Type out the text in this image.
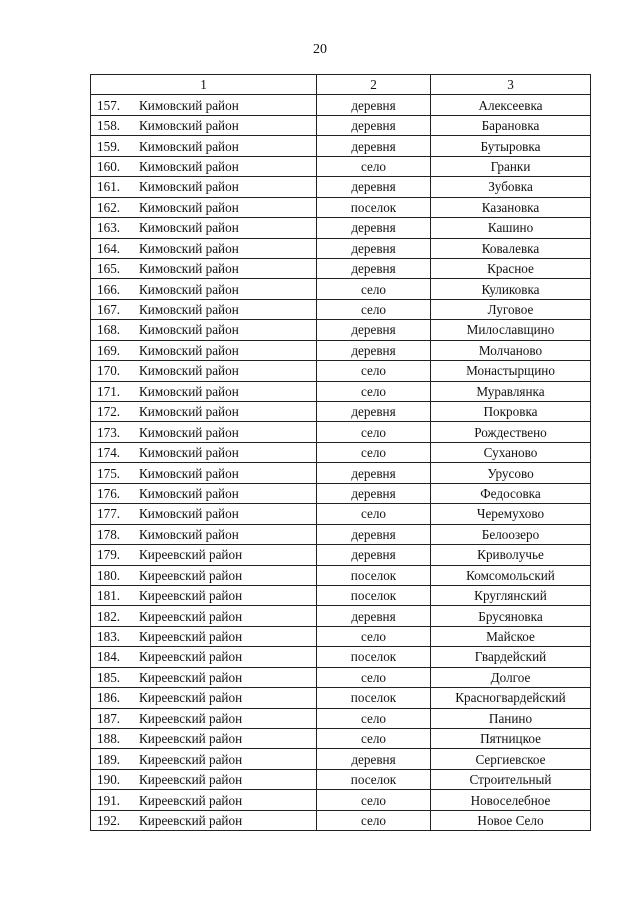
20
1	2	3
157. Кимовский район	деревня	Алексеевка
158. Кимовский район	деревня	Барановка
159. Кимовский район	деревня	Бутыровка
160. Кимовский район	село	Гранки
161. Кимовский район	деревня	Зубовка
162. Кимовский район	поселок	Казановка
163. Кимовский район	деревня	Кашино
164. Кимовский район	деревня	Ковалевка
165. Кимовский район	деревня	Красное
166. Кимовский район	село	Куликовка
167. Кимовский район	село	Луговое
168. Кимовский район	деревня	Милославщино
169. Кимовский район	деревня	Молчаново
170. Кимовский район	село	Монастырщино
171. Кимовский район	село	Муравлянка
172. Кимовский район	деревня	Покровка
173. Кимовский район	село	Рождествено
174. Кимовский район	село	Суханово
175. Кимовский район	деревня	Урусово
176. Кимовский район	деревня	Федосовка
177. Кимовский район	село	Черемухово
178. Кимовский район	деревня	Белоозеро
179. Киреевский район	деревня	Криволучье
180. Киреевский район	поселок	Комсомольский
181. Киреевский район	поселок	Круглянский
182. Киреевский район	деревня	Брусяновка
183. Киреевский район	село	Майское
184. Киреевский район	поселок	Гвардейский
185. Киреевский район	село	Долгое
186. Киреевский район	поселок	Красногвардейский
187. Киреевский район	село	Панино
188. Киреевский район	село	Пятницкое
189. Киреевский район	деревня	Сергиевское
190. Киреевский район	поселок	Строительный
191. Киреевский район	село	Новоселебное
192. Киреевский район	село	Новое Село
